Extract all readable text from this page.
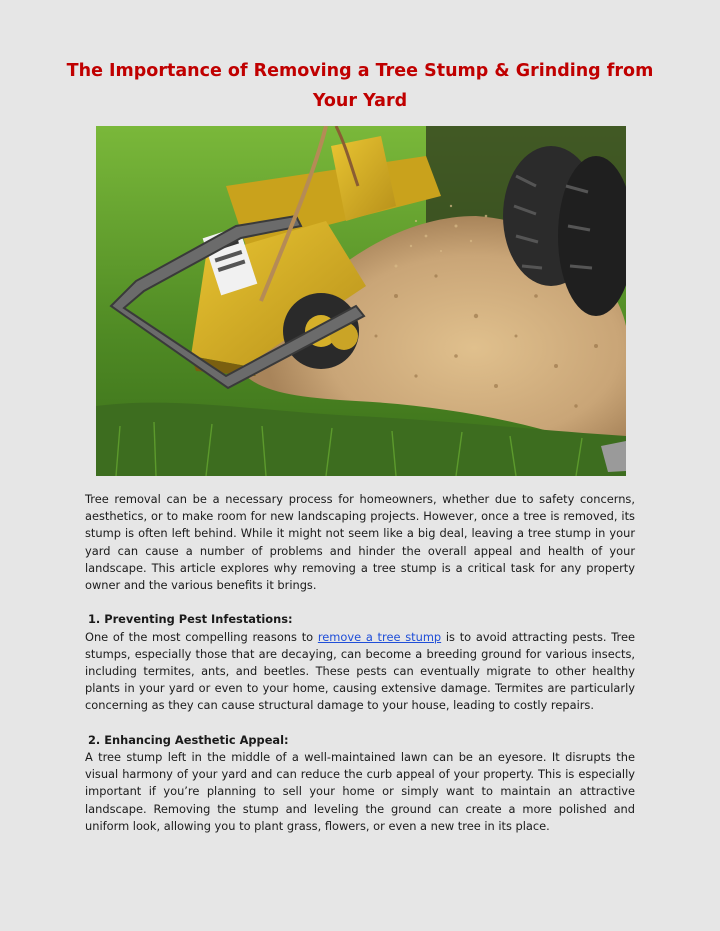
The Importance of Removing a Tree Stump & Grinding from Your Yard

Tree removal can be a necessary process for homeowners, whether due to safety concerns, aesthetics, or to make room for new landscaping projects. However, once a tree is removed, its stump is often left behind. While it might not seem like a big deal, leaving a tree stump in your yard can cause a number of problems and hinder the overall appeal and health of your landscape. This article explores why removing a tree stump is a critical task for any property owner and the various benefits it brings.

1. Preventing Pest Infestations:

One of the most compelling reasons to remove a tree stump is to avoid attracting pests. Tree stumps, especially those that are decaying, can become a breeding ground for various insects, including termites, ants, and beetles. These pests can eventually migrate to other healthy plants in your yard or even to your home, causing extensive damage. Termites are particularly concerning as they can cause structural damage to your house, leading to costly repairs.

2. Enhancing Aesthetic Appeal:

A tree stump left in the middle of a well-maintained lawn can be an eyesore. It disrupts the visual harmony of your yard and can reduce the curb appeal of your property. This is especially important if you’re planning to sell your home or simply want to maintain an attractive landscape. Removing the stump and leveling the ground can create a more polished and uniform look, allowing you to plant grass, flowers, or even a new tree in its place.
